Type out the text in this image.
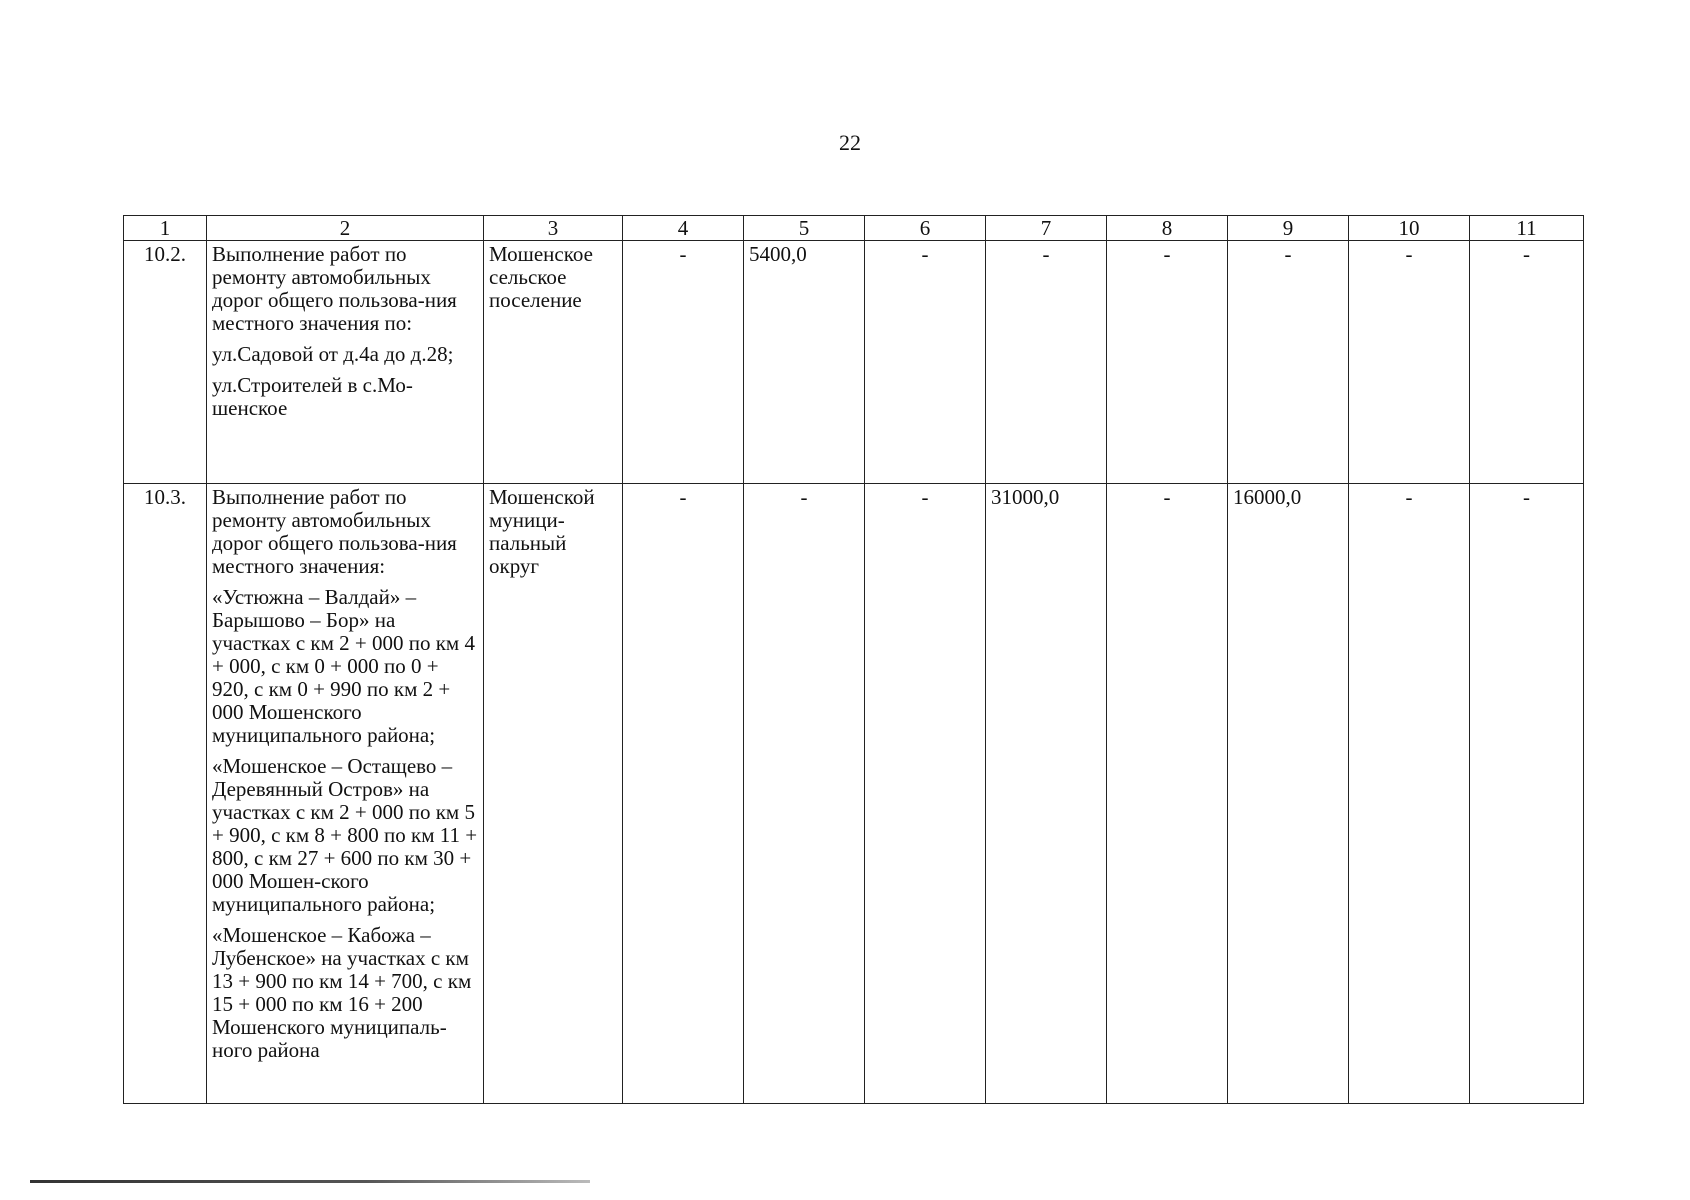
22
1	2	3	4	5	6	7	8	9	10	11
10.2.	Выполнение работ по ремонту автомобильных дорог общего пользова-ния местного значения по:

ул.Садовой от д.4а до д.28;

ул.Строителей в с.Мо-шенское	Мошенское сельское поселение	-	5400,0	-	-	-	-	-	-
10.3.	Выполнение работ по ремонту автомобильных дорог общего пользова-ния местного значения:

«Устюжна – Валдай» – Барышово – Бор» на участках с км 2 + 000 по км 4 + 000, с км 0 + 000 по 0 + 920, с км 0 + 990 по км 2 + 000 Мошенского муниципального района;

«Мошенское – Остащево – Деревянный Остров» на участках с км 2 + 000 по км 5 + 900, с км 8 + 800 по км 11 + 800, с км 27 + 600 по км 30 + 000 Мошен-ского муниципального района;

«Мошенское – Кабожа – Лубенское» на участках с км 13 + 900 по км 14 + 700, с км 15 + 000 по км 16 + 200 Мошенского муниципаль-ного района	Мошенской муници-пальный округ	-	-	-	31000,0	-	16000,0	-	-
